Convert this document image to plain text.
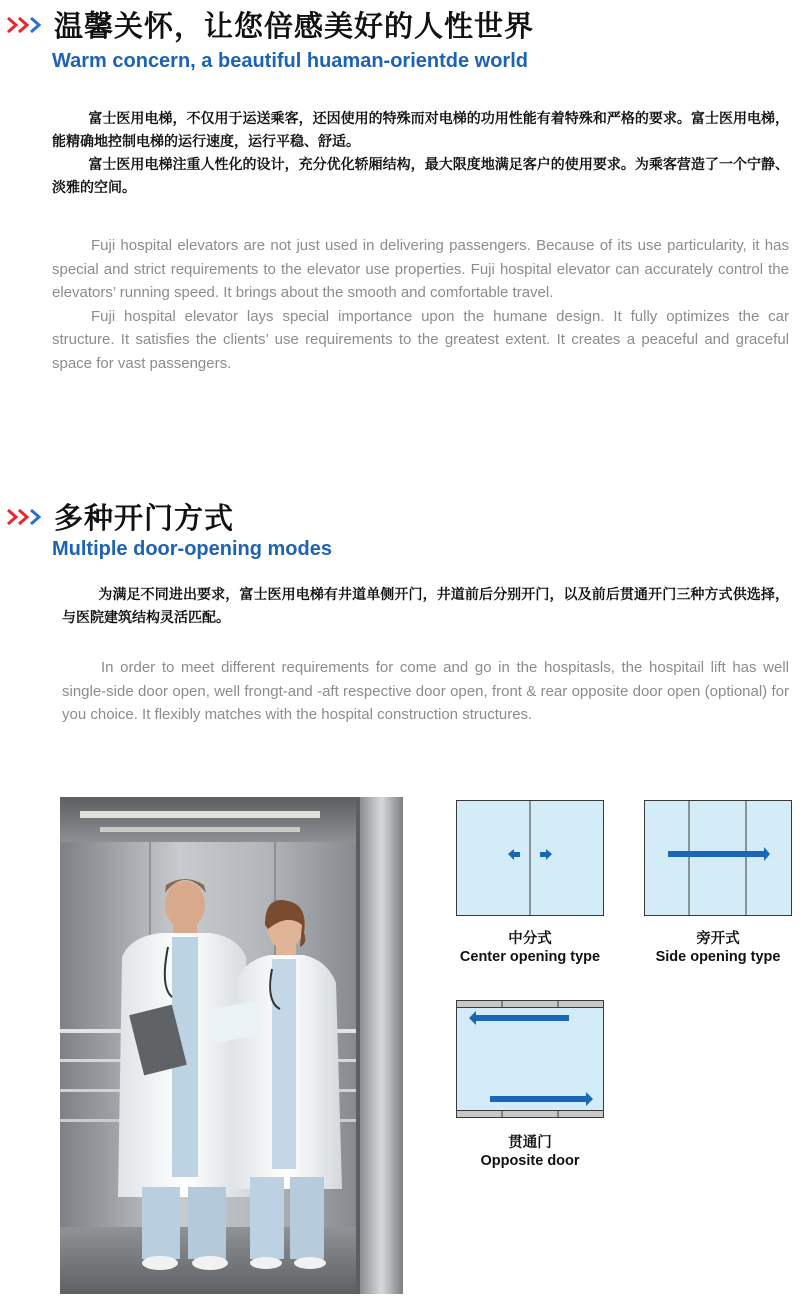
温馨关怀，让您倍感美好的人性世界
Warm concern, a beautiful huaman-orientde world

富士医用电梯，不仅用于运送乘客，还因使用的特殊而对电梯的功用性能有着特殊和严格的要求。富士医用电梯，能精确地控制电梯的运行速度，运行平稳、舒适。

富士医用电梯注重人性化的设计，充分优化轿厢结构，最大限度地满足客户的使用要求。为乘客营造了一个宁静、淡雅的空间。

Fuji hospital elevators are not just used in delivering passengers. Because of its use particularity, it has special and strict requirements to the elevator use properties. Fuji hospital elevator can accurately control the elevators’ running speed. It brings about the smooth and comfortable travel.

Fuji hospital elevator lays special importance upon the humane design. It fully optimizes the car structure. It satisfies the clients’ use requirements to the greatest extent. It creates a peaceful and graceful space for vast passengers.

多种开门方式
Multiple door-opening modes

为满足不同进出要求，富士医用电梯有井道单侧开门，井道前后分别开门，以及前后贯通开门三种方式供选择，与医院建筑结构灵活匹配。

In order to meet different requirements for come and go in the hospitasls, the hospitail lift has well single-side door open, well frongt-and -aft respective door open, front & rear opposite door open (optional) for you choice. It flexibly matches with the hospital construction structures.

中分式
Center opening type
旁开式
Side opening type
贯通门
Opposite door
